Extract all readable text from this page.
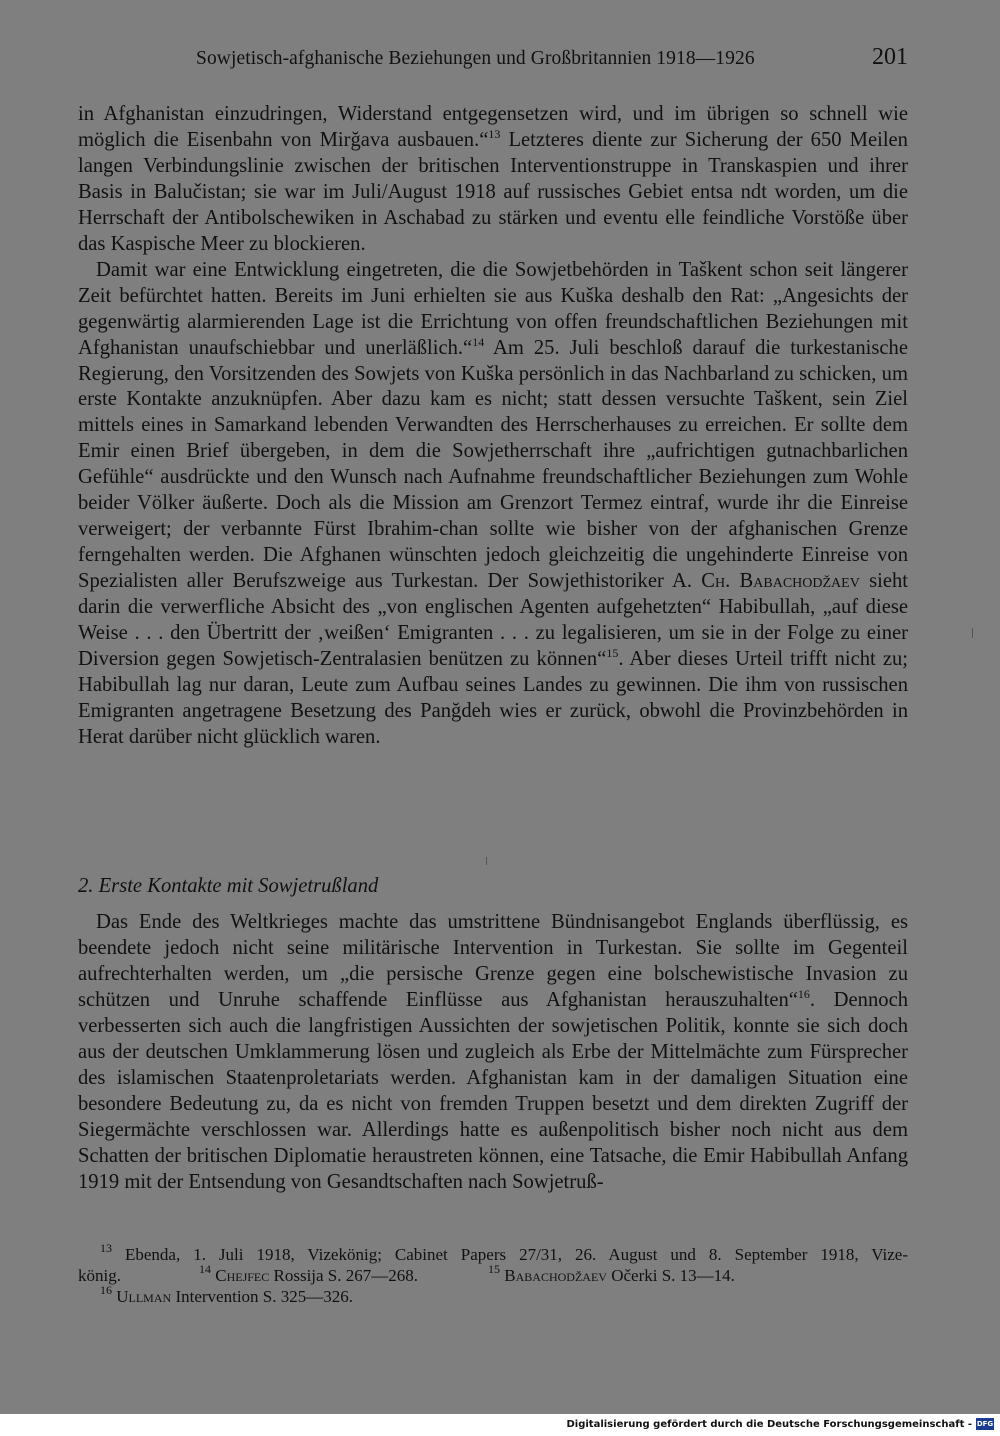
Sowjetisch-afghanische Beziehungen und Großbritannien 1918—1926	201

in Afghanistan einzudringen, Widerstand entgegensetzen wird, und im übrigen so schnell wie möglich die Eisenbahn von Mirğava ausbauen.“$^{13}$ Letzteres diente zur Sicherung der 650 Meilen langen Verbindungslinie zwischen der britischen Interventionstruppe in Transkaspien und ihrer Basis in Balučistan; sie war im Juli/August 1918 auf russisches Gebiet entsa ndt worden, um die Herrschaft der Antibolschewiken in Aschabad zu stärken und eventu elle feindliche Vorstöße über das Kaspische Meer zu blockieren.

Damit war eine Entwicklung eingetreten, die die Sowjetbehörden in Taškent schon seit längerer Zeit befürchtet hatten. Bereits im Juni erhielten sie aus Kuška deshalb den Rat: „Angesichts der gegenwärtig alarmierenden Lage ist die Errichtung von offen freundschaftlichen Beziehungen mit Afghanistan unaufschiebbar und unerläßlich.“$^{14}$ Am 25. Juli beschloß darauf die turkestanische Regierung, den Vorsitzenden des Sowjets von Kuška persönlich in das Nachbarland zu schicken, um erste Kontakte anzuknüpfen. Aber dazu kam es nicht; statt dessen versuchte Taškent, sein Ziel mittels eines in Samarkand lebenden Verwandten des Herrscherhauses zu erreichen. Er sollte dem Emir einen Brief übergeben, in dem die Sowjetherrschaft ihre „aufrichtigen gutnachbarlichen Gefühle“ ausdrückte und den Wunsch nach Aufnahme freundschaftlicher Beziehungen zum Wohle beider Völker äußerte. Doch als die Mission am Grenzort Termez eintraf, wurde ihr die Einreise verweigert; der verbannte Fürst Ibrahim-chan sollte wie bisher von der afghanischen Grenze ferngehalten werden. Die Afghanen wünschten jedoch gleichzeitig die ungehinderte Einreise von Spezialisten aller Berufszweige aus Turkestan. Der Sowjethistoriker A. Ch. Babachodžaev sieht darin die verwerfliche Absicht des „von englischen Agenten aufgehetzten“ Habibullah, „auf diese Weise . . . den Übertritt der ‚weißen‘ Emigranten . . . zu legalisieren, um sie in der Folge zu einer Diversion gegen Sowjetisch-Zentralasien benützen zu können“$^{15}$. Aber dieses Urteil trifft nicht zu; Habibullah lag nur daran, Leute zum Aufbau seines Landes zu gewinnen. Die ihm von russischen Emigranten angetragene Besetzung des Panğdeh wies er zurück, obwohl die Provinzbehörden in Herat darüber nicht glücklich waren.

2. Erste Kontakte mit Sowjetrußland

Das Ende des Weltkrieges machte das umstrittene Bündnisangebot Englands überflüssig, es beendete jedoch nicht seine militärische Intervention in Turkestan. Sie sollte im Gegenteil aufrechterhalten werden, um „die persische Grenze gegen eine bolschewistische Invasion zu schützen und Unruhe schaffende Einflüsse aus Afghanistan herauszuhalten“$^{16}$. Dennoch verbesserten sich auch die langfristigen Aussichten der sowjetischen Politik, konnte sie sich doch aus der deutschen Umklammerung lösen und zugleich als Erbe der Mittelmächte zum Fürsprecher des islamischen Staatenproletariats werden. Afghanistan kam in der damaligen Situation eine besondere Bedeutung zu, da es nicht von fremden Truppen besetzt und dem direkten Zugriff der Siegermächte verschlossen war. Allerdings hatte es außenpolitisch bisher noch nicht aus dem Schatten der britischen Diplomatie heraustreten können, eine Tatsache, die Emir Habibullah Anfang 1919 mit der Entsendung von Gesandtschaften nach Sowjetruß-

$^{13}$ Ebenda, 1. Juli 1918, Vizekönig; Cabinet Papers 27/31, 26. August und 8. September 1918, Vize-
könig.	$^{14}$ Chejfec Rossija S. 267—268.	$^{15}$ Babachodžaev Očerki S. 13—14.
$^{16}$ Ullman Intervention S. 325—326.
Digitalisierung gefördert durch die Deutsche Forschungsgemeinschaft - DFG
